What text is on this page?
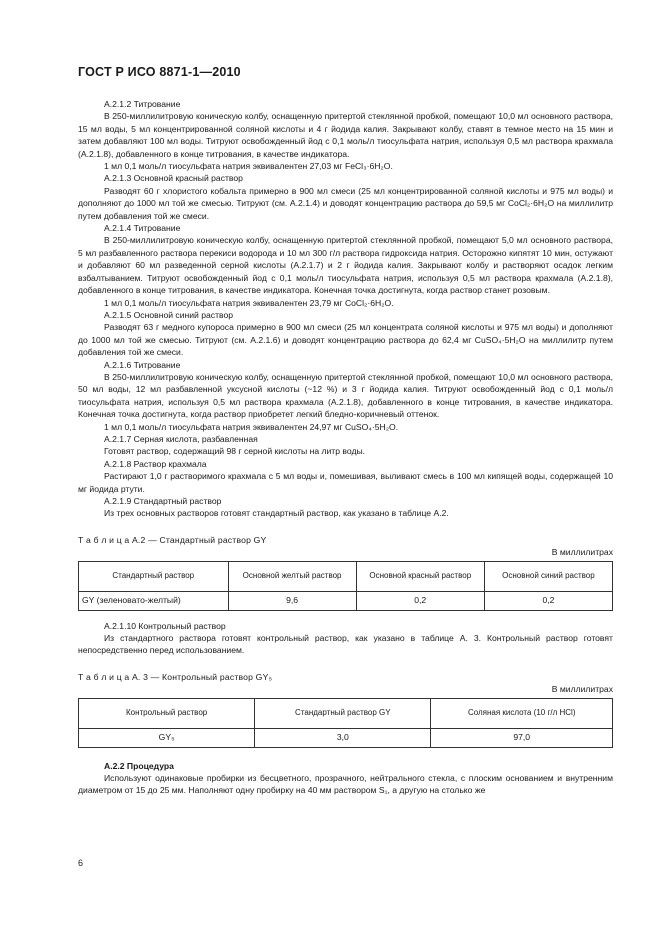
ГОСТ Р ИСО 8871-1—2010

А.2.1.2 Титрование

В 250-миллилитровую коническую колбу, оснащенную притертой стеклянной пробкой, помещают 10,0 мл основного раствора, 15 мл воды, 5 мл концентрированной соляной кислоты и 4 г йодида калия. Закрывают колбу, ставят в темное место на 15 мин и затем добавляют 100 мл воды. Титруют освобожденный йод с 0,1 моль/л тиосульфата натрия, используя 0,5 мл раствора крахмала (А.2.1.8), добавленного в конце титрования, в качестве индикатора.

1 мл 0,1 моль/л тиосульфата натрия эквивалентен 27,03 мг FeCl₃·6H₂O.

А.2.1.3 Основной красный раствор

Разводят 60 г хлористого кобальта примерно в 900 мл смеси (25 мл концентрированной соляной кислоты и 975 мл воды) и дополняют до 1000 мл той же смесью. Титруют (см. А.2.1.4) и доводят концентрацию раствора до 59,5 мг CoCl₂·6H₂O на миллилитр путем добавления той же смеси.

А.2.1.4 Титрование

В 250-миллилитровую коническую колбу, оснащенную притертой стеклянной пробкой, помещают 5,0 мл основного раствора, 5 мл разбавленного раствора перекиси водорода и 10 мл 300 г/л раствора гидроксида натрия. Осторожно кипятят 10 мин, остужают и добавляют 60 мл разведенной серной кислоты (А.2.1.7) и 2 г йодида калия. Закрывают колбу и растворяют осадок легким взбалтыванием. Титруют освобожденный йод с 0,1 моль/л тиосульфата натрия, используя 0,5 мл раствора крахмала (А.2.1.8), добавленного в конце титрования, в качестве индикатора. Конечная точка достигнута, когда раствор станет розовым.

1 мл 0,1 моль/л тиосульфата натрия эквивалентен 23,79 мг CoCl₂·6H₂O.

А.2.1.5 Основной синий раствор

Разводят 63 г медного купороса примерно в 900 мл смеси (25 мл концентрата соляной кислоты и 975 мл воды) и дополняют до 1000 мл той же смесью. Титруют (см. А.2.1.6) и доводят концентрацию раствора до 62,4 мг CuSO₄·5H₂O на миллилитр путем добавления той же смеси.

А.2.1.6 Титрование

В 250-миллилитровую коническую колбу, оснащенную притертой стеклянной пробкой, помещают 10,0 мл основного раствора, 50 мл воды, 12 мл разбавленной уксусной кислоты (~12 %) и 3 г йодида калия. Титруют освобожденный йод с 0,1 моль/л тиосульфата натрия, используя 0,5 мл раствора крахмала (А.2.1.8), добавленного в конце титрования, в качестве индикатора. Конечная точка достигнута, когда раствор приобретет легкий бледно-коричневый оттенок.

1 мл 0,1 моль/л тиосульфата натрия эквивалентен 24,97 мг CuSO₄·5H₂O.

А.2.1.7 Серная кислота, разбавленная

Готовят раствор, содержащий 98 г серной кислоты на литр воды.

А.2.1.8 Раствор крахмала

Растирают 1,0 г растворимого крахмала с 5 мл воды и, помешивая, выливают смесь в 100 мл кипящей воды, содержащей 10 мг йодида ртути.

А.2.1.9 Стандартный раствор

Из трех основных растворов готовят стандартный раствор, как указано в таблице А.2.

Т а б л и ц а А.2 — Стандартный раствор GY

В миллилитрах

Стандартный раствор	Основной желтый раствор	Основной красный раствор	Основной синий раствор
GY (зеленовато-желтый)	9,6	0,2	0,2

А.2.1.10 Контрольный раствор

Из стандартного раствора готовят контрольный раствор, как указано в таблице А. 3. Контрольный раствор готовят непосредственно перед использованием.

Т а б л и ц а А. 3 — Контрольный раствор GY₅

В миллилитрах

Контрольный раствор	Стандартный раствор GY	Соляная кислота (10 г/л HCl)
GY₅	3,0	97,0

А.2.2 Процедура

Используют одинаковые пробирки из бесцветного, прозрачного, нейтрального стекла, с плоским основанием и внутренним диаметром от 15 до 25 мм. Наполняют одну пробирку на 40 мм раствором S₁, а другую на столько же

6
